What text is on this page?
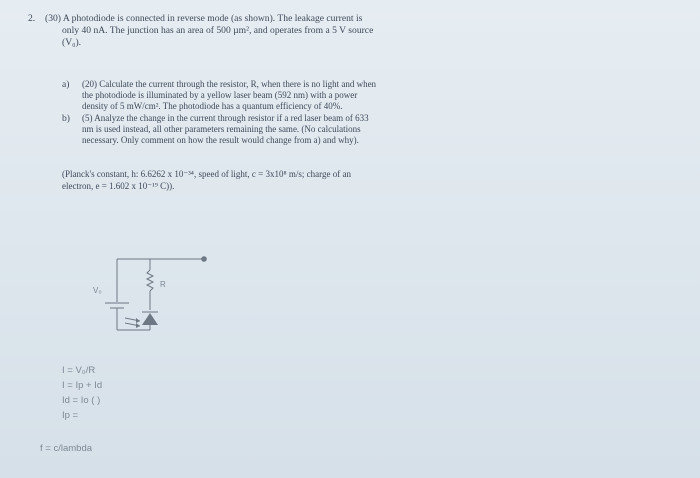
2. (30) A photodiode is connected in reverse mode (as shown). The leakage current is
only 40 nA. The junction has an area of 500 µm², and operates from a 5 V source
(V₀).
a) (20) Calculate the current through the resistor, R, when there is no light and when
the photodiode is illuminated by a yellow laser beam (592 nm) with a power
density of 5 mW/cm². The photodiode has a quantum efficiency of 40%.
b) (5) Analyze the change in the current through resistor if a red laser beam of 633
nm is used instead, all other parameters remaining the same. (No calculations
necessary. Only comment on how the result would change from a) and why).
(Planck's constant, h: 6.6262 x 10⁻³⁴, speed of light, c = 3x10⁸ m/s; charge of an
electron, e = 1.602 x 10⁻¹⁹ C)).
V₀
R
I = V₀/R
I = Ip + Id
Id = Io ( )
Ip =
f = c/lambda
